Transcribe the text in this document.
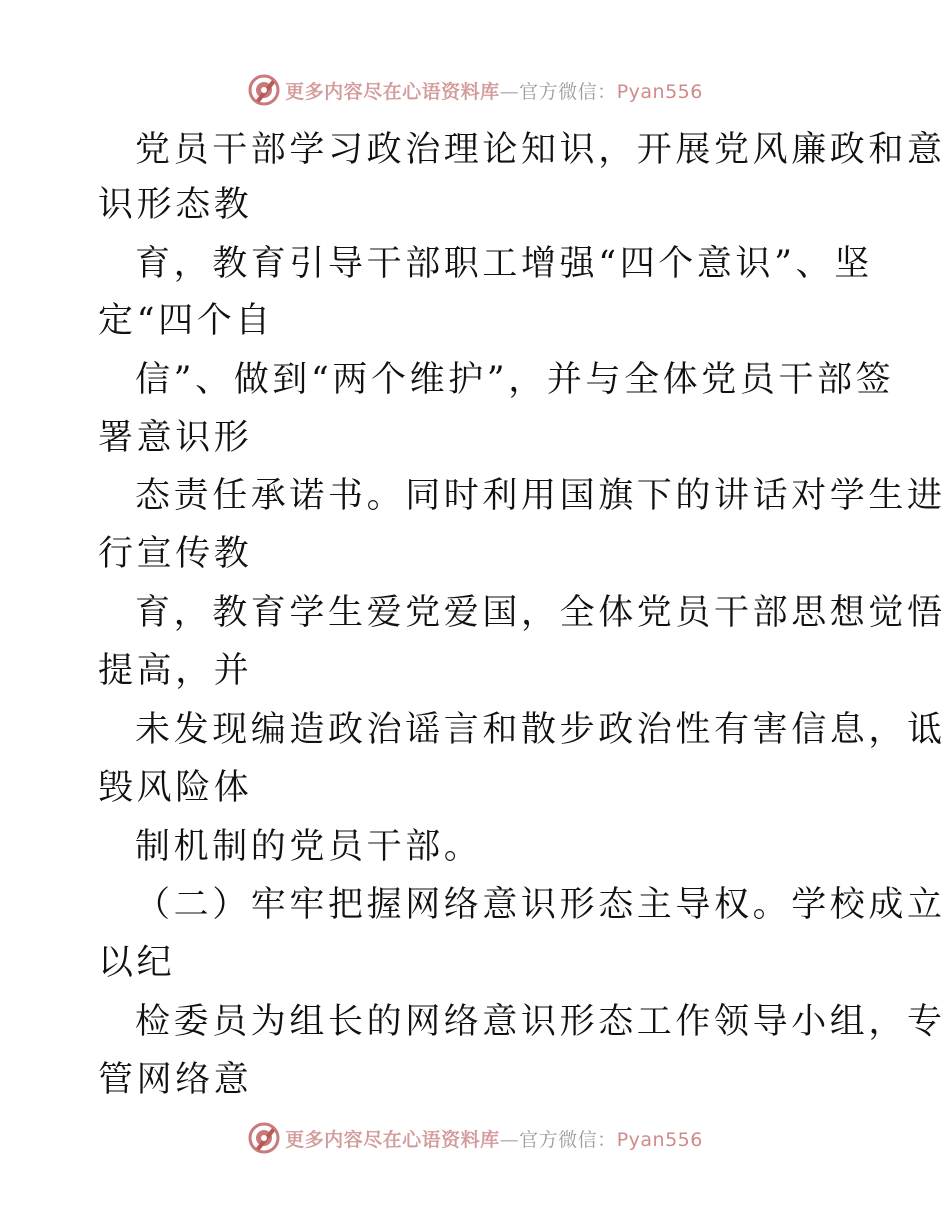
更多内容尽在心语资料库—官方微信：Pyan556
党员干部学习政治理论知识，开展党风廉政和意
识形态教
育，教育引导干部职工增强“四个意识”、坚
定“四个自
信”、做到“两个维护”，并与全体党员干部签
署意识形
态责任承诺书。同时利用国旗下的讲话对学生进
行宣传教
育，教育学生爱党爱国，全体党员干部思想觉悟
提高，并
未发现编造政治谣言和散步政治性有害信息，诋
毁风险体
制机制的党员干部。
（二）牢牢把握网络意识形态主导权。学校成立
以纪
检委员为组长的网络意识形态工作领导小组，专
管网络意
更多内容尽在心语资料库—官方微信：Pyan556
